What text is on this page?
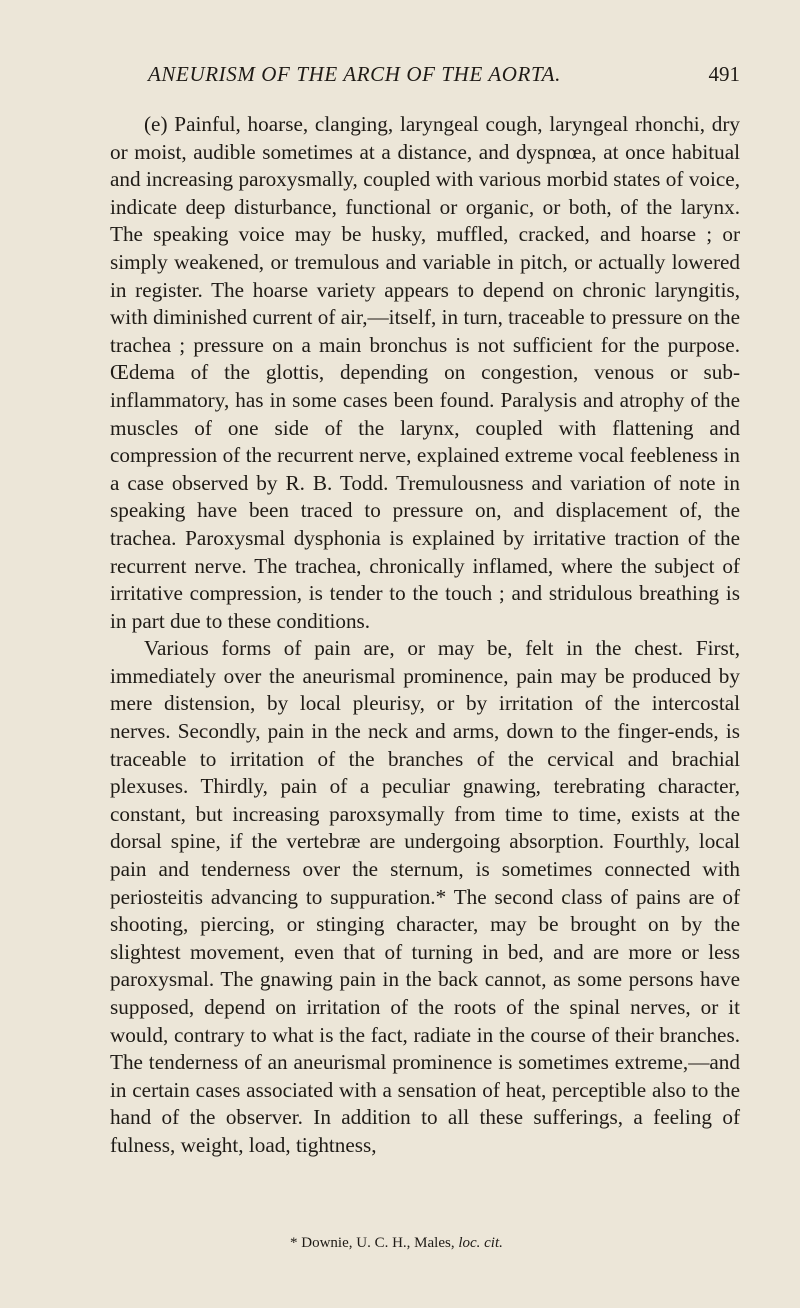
ANEURISM OF THE ARCH OF THE AORTA.	491

(e) Painful, hoarse, clanging, laryngeal cough, laryngeal rhonchi, dry or moist, audible sometimes at a distance, and dyspnœa, at once habitual and increasing paroxysmally, coupled with various morbid states of voice, indicate deep disturbance, functional or organic, or both, of the larynx. The speaking voice may be husky, muffled, cracked, and hoarse ; or simply weakened, or tremulous and variable in pitch, or actually lowered in register. The hoarse variety appears to depend on chronic laryngitis, with diminished current of air,—itself, in turn, traceable to pressure on the trachea ; pressure on a main bronchus is not sufficient for the purpose. Œdema of the glottis, depending on congestion, venous or sub-inflammatory, has in some cases been found. Paralysis and atrophy of the muscles of one side of the larynx, coupled with flattening and compression of the recurrent nerve, explained extreme vocal feebleness in a case observed by R. B. Todd. Tremulousness and variation of note in speaking have been traced to pressure on, and displacement of, the trachea. Paroxysmal dysphonia is explained by irritative traction of the recurrent nerve. The trachea, chronically inflamed, where the subject of irritative compression, is tender to the touch ; and stridulous breathing is in part due to these conditions.

Various forms of pain are, or may be, felt in the chest. First, immediately over the aneurismal prominence, pain may be produced by mere distension, by local pleurisy, or by irritation of the intercostal nerves. Secondly, pain in the neck and arms, down to the finger-ends, is traceable to irritation of the branches of the cervical and brachial plexuses. Thirdly, pain of a peculiar gnawing, terebrating character, constant, but increasing paroxsymally from time to time, exists at the dorsal spine, if the vertebræ are undergoing absorption. Fourthly, local pain and tenderness over the sternum, is sometimes connected with periosteitis advancing to suppuration.* The second class of pains are of shooting, piercing, or stinging character, may be brought on by the slightest movement, even that of turning in bed, and are more or less paroxysmal. The gnawing pain in the back cannot, as some persons have supposed, depend on irritation of the roots of the spinal nerves, or it would, contrary to what is the fact, radiate in the course of their branches. The tenderness of an aneurismal prominence is sometimes extreme,—and in certain cases associated with a sensation of heat, perceptible also to the hand of the observer. In addition to all these sufferings, a feeling of fulness, weight, load, tightness,

* Downie, U. C. H., Males, loc. cit.
